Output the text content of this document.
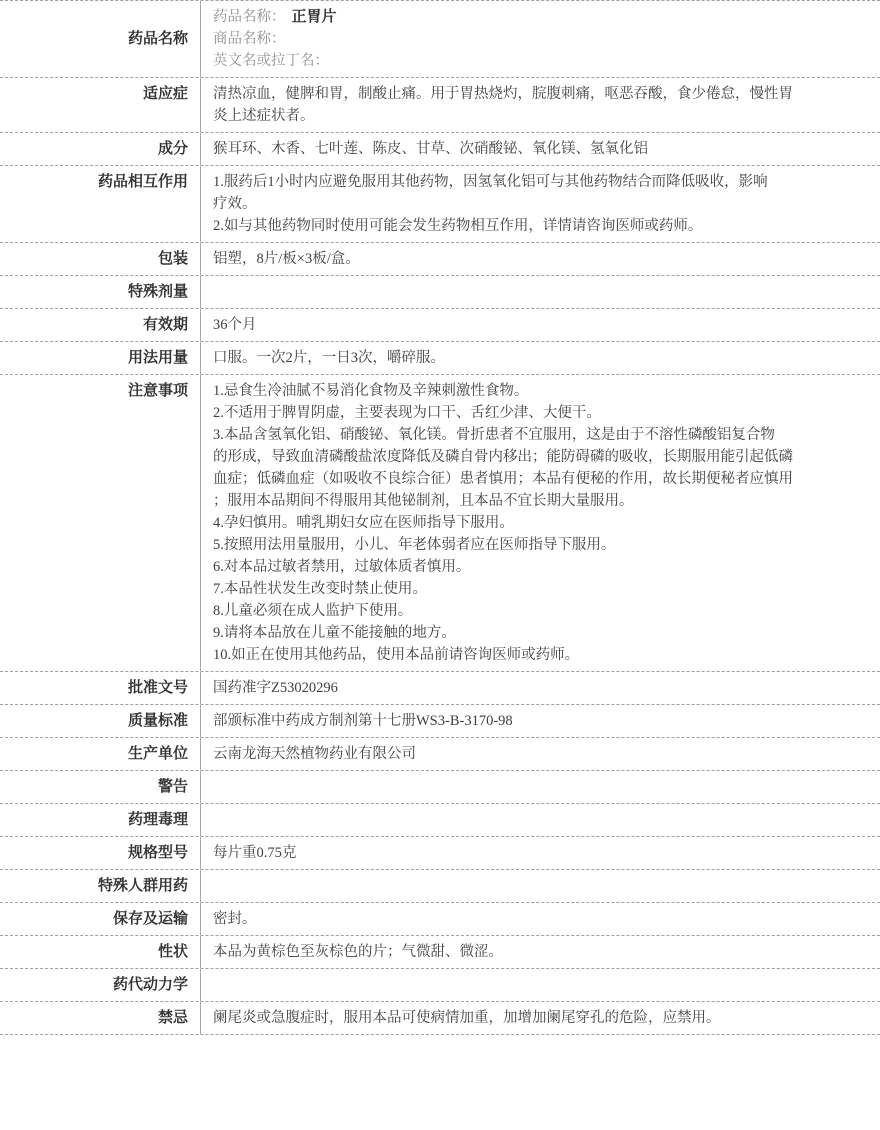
药品名称
药品名称： 正胃片
商品名称：
英文名或拉丁名：
适应症	清热凉血，健脾和胃，制酸止痛。用于胃热烧灼，脘腹刺痛，呕恶吞酸，食少倦怠，慢性胃
炎上述症状者。
成分	猴耳环、木香、七叶莲、陈皮、甘草、次硝酸铋、氧化镁、氢氧化铝
药品相互作用	1.服药后1小时内应避免服用其他药物，因氢氧化铝可与其他药物结合而降低吸收，影响
疗效。
2.如与其他药物同时使用可能会发生药物相互作用，详情请咨询医师或药师。
包装	铝塑，8片/板×3板/盒。
特殊剂量
有效期	36个月
用法用量	口服。一次2片，一日3次，嚼碎服。
注意事项	1.忌食生冷油腻不易消化食物及辛辣刺激性食物。
2.不适用于脾胃阴虚，主要表现为口干、舌红少津、大便干。
3.本品含氢氧化铝、硝酸铋、氧化镁。骨折患者不宜服用，这是由于不溶性磷酸铝复合物
的形成，导致血清磷酸盐浓度降低及磷自骨内移出；能防碍磷的吸收，长期服用能引起低磷
血症；低磷血症（如吸收不良综合征）患者慎用；本品有便秘的作用，故长期便秘者应慎用
；服用本品期间不得服用其他铋制剂，且本品不宜长期大量服用。
4.孕妇慎用。哺乳期妇女应在医师指导下服用。
5.按照用法用量服用，小儿、年老体弱者应在医师指导下服用。
6.对本品过敏者禁用，过敏体质者慎用。
7.本品性状发生改变时禁止使用。
8.儿童必须在成人监护下使用。
9.请将本品放在儿童不能接触的地方。
10.如正在使用其他药品，使用本品前请咨询医师或药师。
批准文号	国药准字Z53020296
质量标准	部颁标准中药成方制剂第十七册WS3-B-3170-98
生产单位	云南龙海天然植物药业有限公司
警告
药理毒理
规格型号	每片重0.75克
特殊人群用药
保存及运输	密封。
性状	本品为黄棕色至灰棕色的片；气微甜、微涩。
药代动力学
禁忌	阑尾炎或急腹症时，服用本品可使病情加重，加增加阑尾穿孔的危险，应禁用。
